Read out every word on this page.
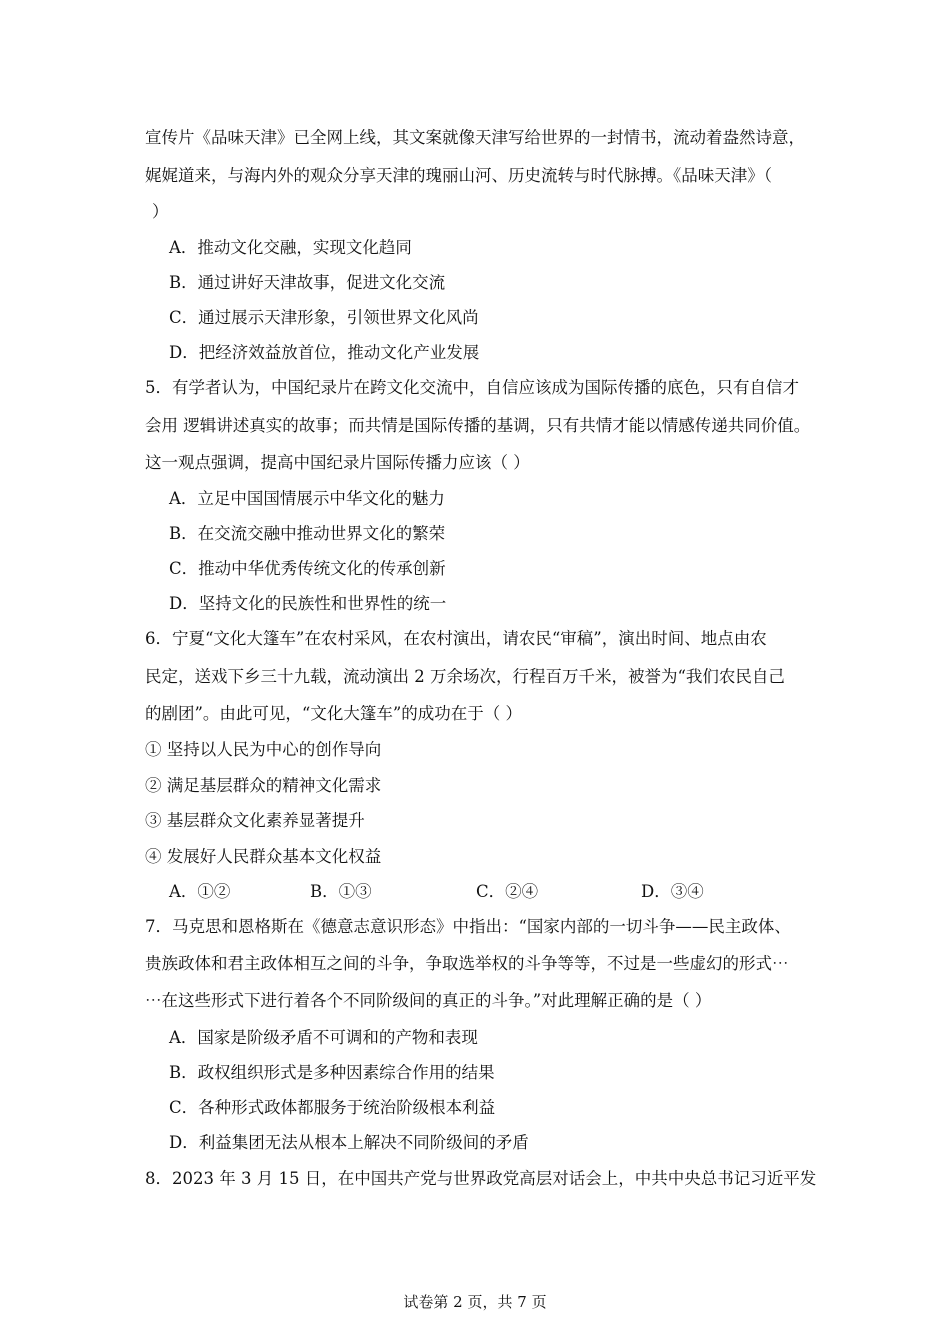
宣传片《品味天津》已全网上线，其文案就像天津写给世界的一封情书，流动着盎然诗意，
娓娓道来，与海内外的观众分享天津的瑰丽山河、历史流转与时代脉搏。《品味天津》（
）
A．推动文化交融，实现文化趋同
B．通过讲好天津故事，促进文化交流
C．通过展示天津形象，引领世界文化风尚
D．把经济效益放首位，推动文化产业发展
5．有学者认为，中国纪录片在跨文化交流中，自信应该成为国际传播的底色，只有自信才
会用 逻辑讲述真实的故事；而共情是国际传播的基调，只有共情才能以情感传递共同价值。
这一观点强调，提高中国纪录片国际传播力应该（ ）
A．立足中国国情展示中华文化的魅力
B．在交流交融中推动世界文化的繁荣
C．推动中华优秀传统文化的传承创新
D．坚持文化的民族性和世界性的统一
6．宁夏“文化大篷车”在农村采风，在农村演出，请农民“审稿”，演出时间、地点由农
民定，送戏下乡三十九载，流动演出 2 万余场次，行程百万千米，被誉为“我们农民自己
的剧团”。由此可见，“文化大篷车”的成功在于（ ）
① 坚持以人民为中心的创作导向
② 满足基层群众的精神文化需求
③ 基层群众文化素养显著提升
④ 发展好人民群众基本文化权益
A．①②	B．①③	C．②④	D．③④
7．马克思和恩格斯在《德意志意识形态》中指出：“国家内部的一切斗争——民主政体、
贵族政体和君主政体相互之间的斗争，争取选举权的斗争等等，不过是一些虚幻的形式⋯
⋯在这些形式下进行着各个不同阶级间的真正的斗争。”对此理解正确的是（ ）
A．国家是阶级矛盾不可调和的产物和表现
B．政权组织形式是多种因素综合作用的结果
C．各种形式政体都服务于统治阶级根本利益
D．利益集团无法从根本上解决不同阶级间的矛盾
8．2023 年 3 月 15 日，在中国共产党与世界政党高层对话会上，中共中央总书记习近平发
试卷第 2 页，共 7 页
